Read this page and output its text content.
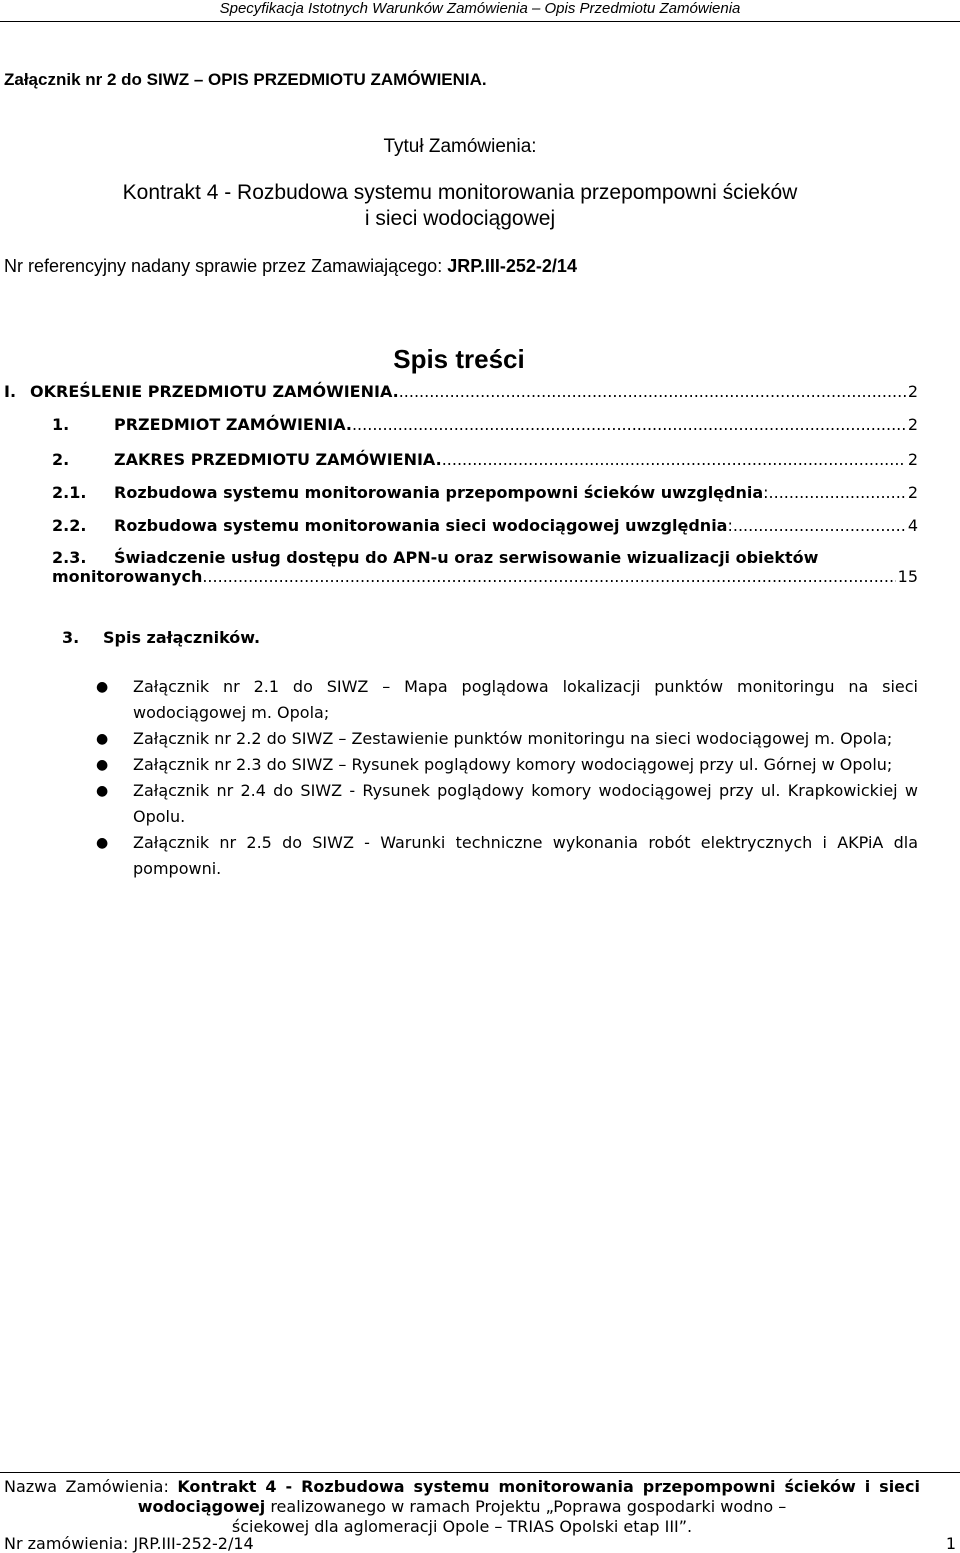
Specyfikacja Istotnych Warunków Zamówienia – Opis Przedmiotu Zamówienia
Załącznik nr 2 do SIWZ – OPIS PRZEDMIOTU ZAMÓWIENIA.
Tytuł Zamówienia:
Kontrakt 4 - Rozbudowa systemu monitorowania przepompowni ścieków
i sieci wodociągowej
Nr referencyjny nadany sprawie przez Zamawiającego: JRP.III-252-2/14
Spis treści
I. OKREŚLENIE PRZEDMIOTU ZAMÓWIENIA. .....	2
1.	PRZEDMIOT ZAMÓWIENIA. .....	2
2.	ZAKRES PRZEDMIOTU ZAMÓWIENIA. .....	2
2.1.	Rozbudowa systemu monitorowania przepompowni ścieków uwzględnia : .....	2
2.2.	Rozbudowa systemu monitorowania sieci wodociągowej uwzględnia : .....	4
2.3. Świadczenie usług dostępu do APN-u oraz serwisowanie wizualizacji obiektów
monitorowanych .....	15
3. Spis załączników.
● Załącznik nr 2.1 do SIWZ – Mapa poglądowa lokalizacji punktów monitoringu na sieci wodociągowej m. Opola;
● Załącznik nr 2.2 do SIWZ – Zestawienie punktów monitoringu na sieci wodociągowej m. Opola;
● Załącznik nr 2.3 do SIWZ – Rysunek poglądowy komory wodociągowej przy ul. Górnej w Opolu;
● Załącznik nr 2.4 do SIWZ - Rysunek poglądowy komory wodociągowej przy ul. Krapkowickiej w Opolu.
● Załącznik nr 2.5 do SIWZ - Warunki techniczne wykonania robót elektrycznych i AKPiA dla pompowni.
Nazwa Zamówienia: Kontrakt 4 - Rozbudowa systemu monitorowania przepompowni ścieków i sieci
wodociągowej realizowanego w ramach Projektu „Poprawa gospodarki wodno –
ściekowej dla aglomeracji Opole – TRIAS Opolski etap III”.
Nr zamówienia: JRP.III-252-2/14	1
